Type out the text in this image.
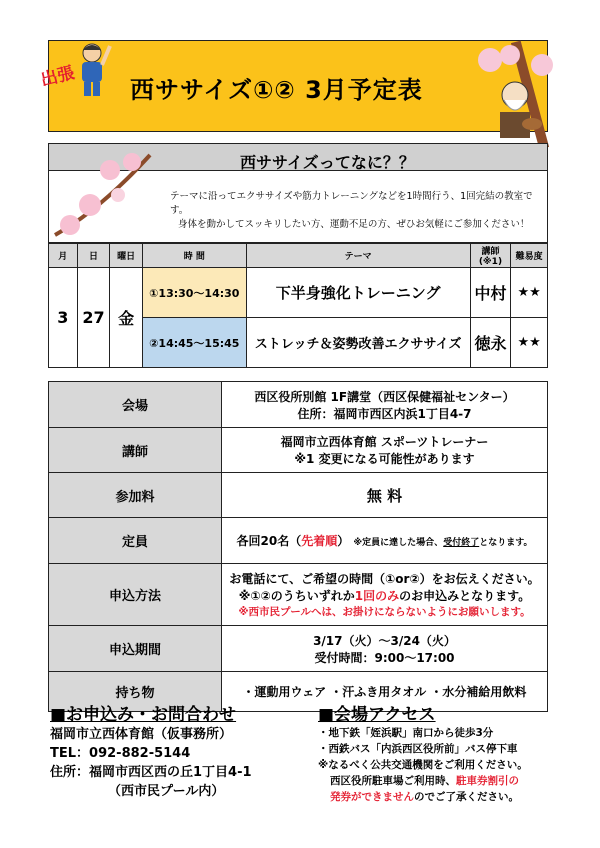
出張 西ササイズ①② 3月予定表
西ササイズってなに？？
テーマに沿ってエクササイズや筋力トレーニングなどを1時間行う、1回完結の教室です。
身体を動かしてスッキリしたい方、運動不足の方、ぜひお気軽にご参加ください！
月	日	曜日	時 間	テーマ	講師(※1)	難易度
3	27	金	①13:30～14:30	下半身強化トレーニング	中村	★★
			②14:45～15:45	ストレッチ＆姿勢改善エクササイズ	徳永	★★
会場	西区役所別館 1F講堂（西区保健福祉センター）
住所：福岡市西区内浜1丁目4-7

講師	福岡市立西体育館 スポーツトレーナー
※1 変更になる可能性があります

参加料	無 料
定員	各回20名（先着順） ※定員に達した場合、受付終了となります。
申込方法	お電話にて、ご希望の時間（①or②）をお伝えください。
※①②のうちいずれか1回のみのお申込みとなります。
※西市民プールへは、お掛けにならないようにお願いします。

申込期間	3/17（火）～3/24（火）
受付時間：9:00～17:00

持ち物	・運動用ウェア ・汗ふき用タオル ・水分補給用飲料
■お申込み・お問合わせ
福岡市立西体育館（仮事務所）
TEL：092-882-5144
住所：福岡市西区西の丘1丁目4-1
（西市民プール内）
■会場アクセス
・地下鉄「姪浜駅」南口から徒歩3分
・西鉄バス「内浜西区役所前」バス停下車
※なるべく公共交通機関をご利用ください。
西区役所駐車場ご利用時、駐車券割引の
発券ができませんのでご了承ください。
